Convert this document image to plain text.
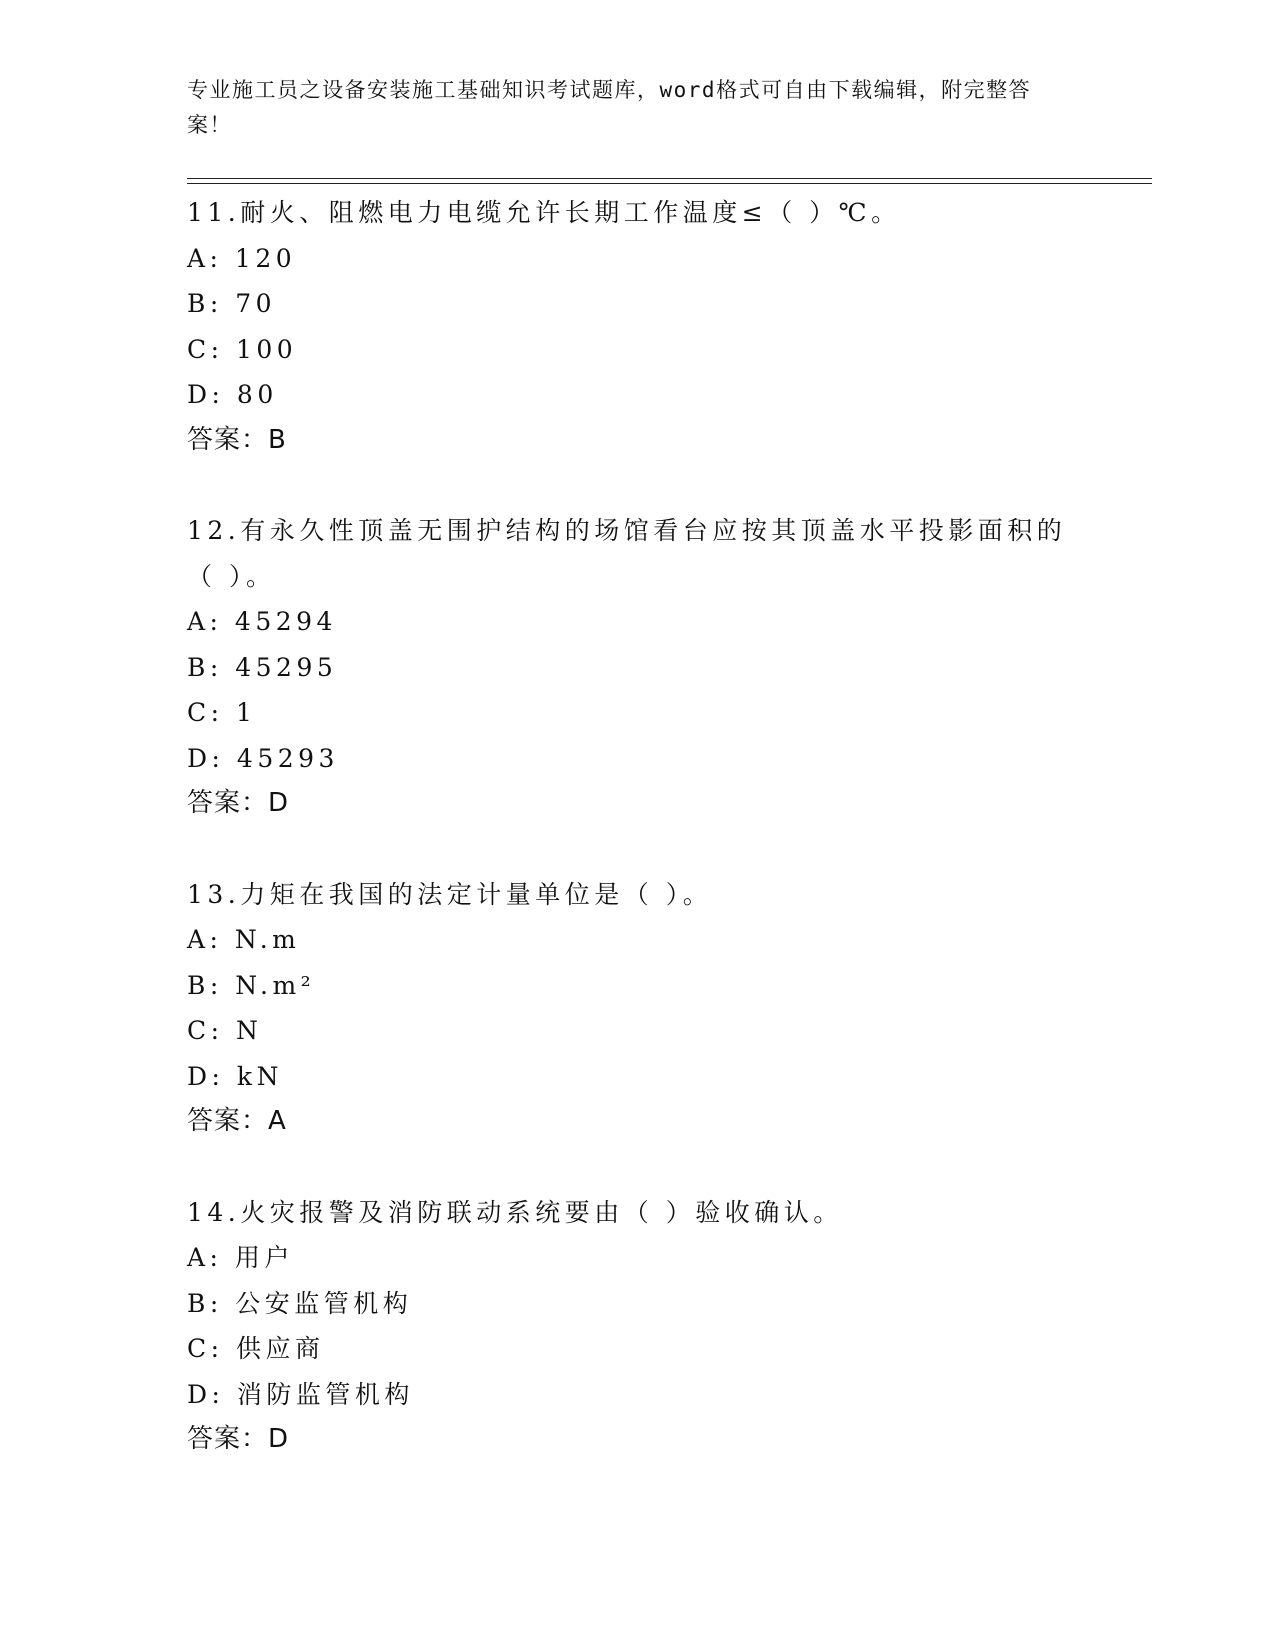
专业施工员之设备安装施工基础知识考试题库，word格式可自由下载编辑，附完整答案！
11.耐火、阻燃电力电缆允许长期工作温度≤（ ）℃。
A: 120
B: 70
C: 100
D: 80
答案：B
12.有永久性顶盖无围护结构的场馆看台应按其顶盖水平投影面积的（ ）。
A: 45294
B: 45295
C: 1
D: 45293
答案：D
13.力矩在我国的法定计量单位是（ ）。
A: N.m
B: N.m²
C: N
D: kN
答案：A
14.火灾报警及消防联动系统要由（ ）验收确认。
A: 用户
B: 公安监管机构
C: 供应商
D: 消防监管机构
答案：D
